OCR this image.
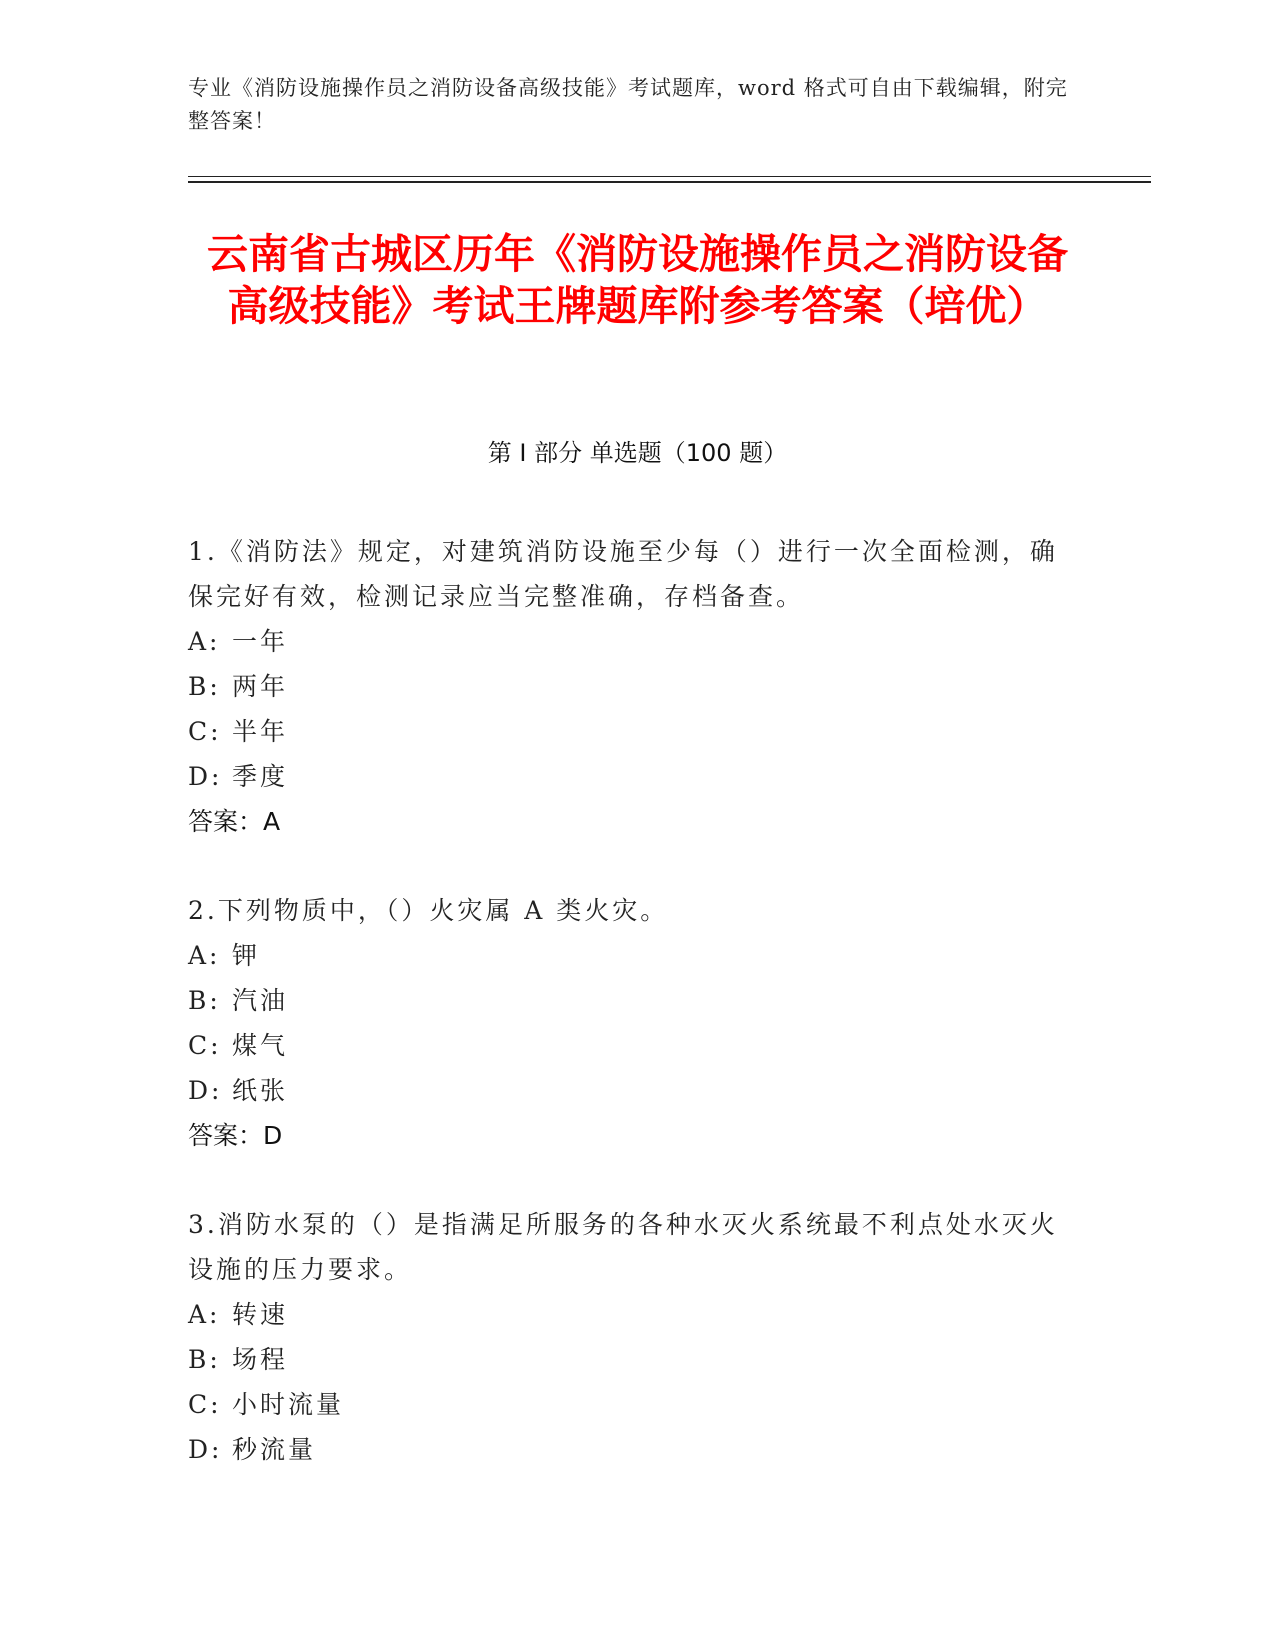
专业《消防设施操作员之消防设备高级技能》考试题库，word 格式可自由下载编辑，附完整答案！
云南省古城区历年《消防设施操作员之消防设备高级技能》考试王牌题库附参考答案（培优）
第 I 部分 单选题（100 题）

1.《消防法》规定，对建筑消防设施至少每（）进行一次全面检测，确保完好有效，检测记录应当完整准确，存档备查。

A: 一年

B: 两年

C: 半年

D: 季度

答案：A

2.下列物质中，（）火灾属 A 类火灾。

A: 钾

B: 汽油

C: 煤气

D: 纸张

答案：D

3.消防水泵的（）是指满足所服务的各种水灭火系统最不利点处水灭火设施的压力要求。

A: 转速

B: 场程

C: 小时流量

D: 秒流量
